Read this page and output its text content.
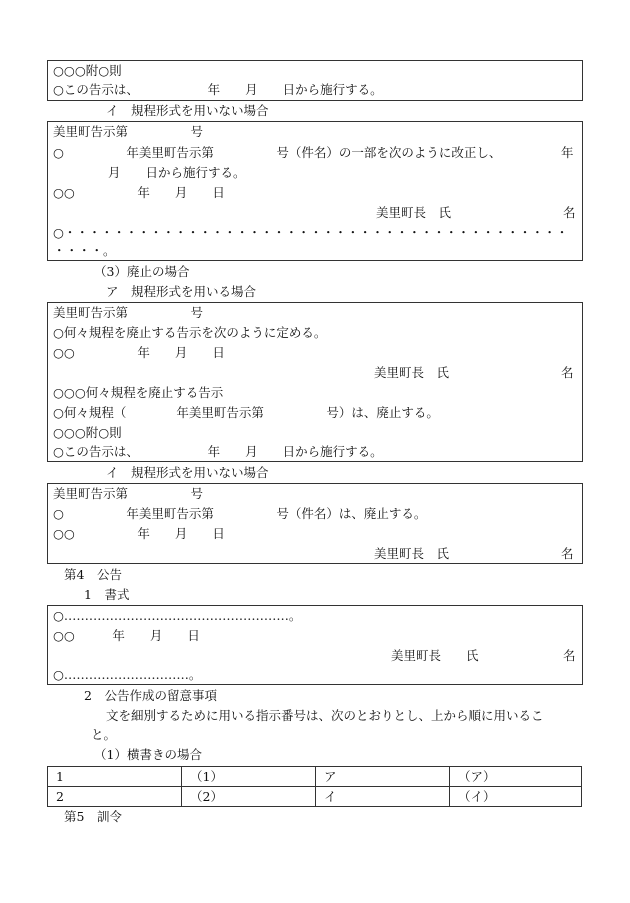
○○○附○則
○この告示は、　　　　　　年　　月　　日から施行する。
イ　規程形式を用いない場合
美里町告示第　　　　　号
○　　　　　年美里町告示第　　　　　号（件名）の一部を次のように改正し、	年
月　　日から施行する。
○○　　　　　年　　月　　日
美里町長　氏	名
○・・・・・・・・・・・・・・・・・・・・・・・・・・・・・・・・・・・・・・・・・
・・・・。
（3）廃止の場合
ア　規程形式を用いる場合
美里町告示第　　　　　号
○何々規程を廃止する告示を次のように定める。
○○　　　　　年　　月　　日
美里町長　氏	名
○○○何々規程を廃止する告示
○何々規程（　　　　年美里町告示第　　　　　号）は、廃止する。
○○○附○則
○この告示は、　　　　　　年　　月　　日から施行する。
イ　規程形式を用いない場合
美里町告示第　　　　　号
○　　　　　年美里町告示第　　　　　号（件名）は、廃止する。
○○　　　　　年　　月　　日
美里町長　氏	名
第4　公告
1　書式
○………………………………………………。
○○　　　年　　月　　日
美里町長　　氏	名
○…………………………。
2　公告作成の留意事項
文を細別するために用いる指示番号は、次のとおりとし、上から順に用いるこ
と。
（1）横書きの場合
1	（1）	ア	（ア）
2	（2）	イ	（イ）
第5　訓令
